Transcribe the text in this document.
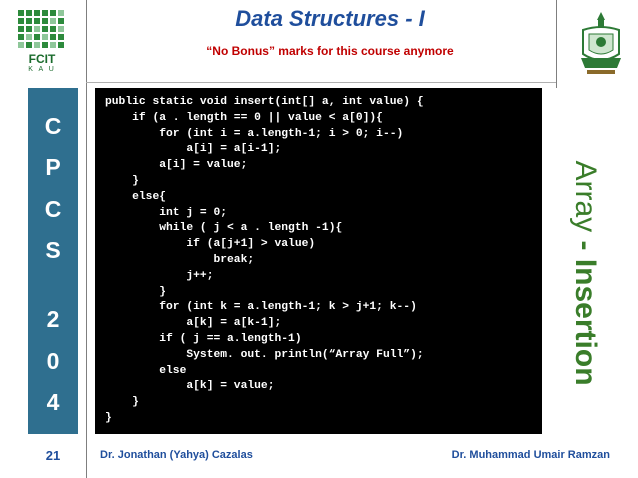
FCIT
K A U
Data Structures - I
“No Bonus” marks for this course anymore
C
P
C
S
2
0
4
public static void insert(int[] a, int value) {
if (a . length == 0 || value < a[0]){
for (int i = a.length-1; i > 0; i--)
a[i] = a[i-1];
a[i] = value;
}
else{
int j = 0;
while ( j < a . length -1){
if (a[j+1] > value)
break;
j++;
}
for (int k = a.length-1; k > j+1; k--)
a[k] = a[k-1];
if ( j == a.length-1)
System. out. println(“Array Full”);
else
a[k] = value;
}
}
Array - Insertion
21	Dr. Jonathan (Yahya) Cazalas	Dr. Muhammad Umair Ramzan
